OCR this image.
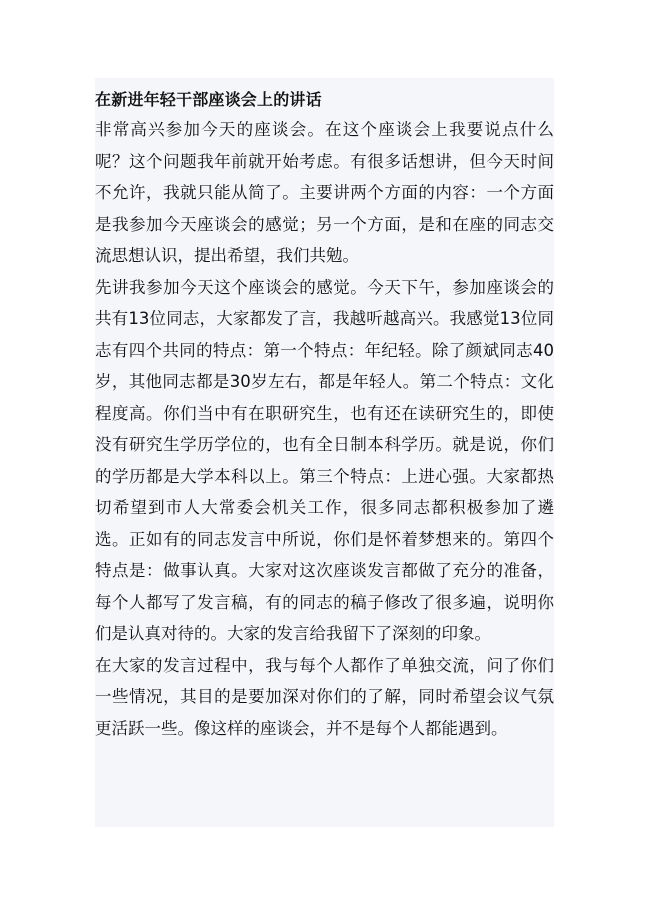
在新进年轻干部座谈会上的讲话

非常高兴参加今天的座谈会。在这个座谈会上我要说点什么呢？这个问题我年前就开始考虑。有很多话想讲，但今天时间不允许，我就只能从简了。主要讲两个方面的内容：一个方面是我参加今天座谈会的感觉；另一个方面，是和在座的同志交流思想认识，提出希望，我们共勉。

先讲我参加今天这个座谈会的感觉。今天下午，参加座谈会的共有13位同志，大家都发了言，我越听越高兴。我感觉13位同志有四个共同的特点：第一个特点：年纪轻。除了颜斌同志40岁，其他同志都是30岁左右，都是年轻人。第二个特点：文化程度高。你们当中有在职研究生，也有还在读研究生的，即使没有研究生学历学位的，也有全日制本科学历。就是说，你们的学历都是大学本科以上。第三个特点：上进心强。大家都热切希望到市人大常委会机关工作，很多同志都积极参加了遴选。正如有的同志发言中所说，你们是怀着梦想来的。第四个特点是：做事认真。大家对这次座谈发言都做了充分的准备，每个人都写了发言稿，有的同志的稿子修改了很多遍，说明你们是认真对待的。大家的发言给我留下了深刻的印象。

在大家的发言过程中，我与每个人都作了单独交流，问了你们一些情况，其目的是要加深对你们的了解，同时希望会议气氛更活跃一些。像这样的座谈会，并不是每个人都能遇到。
